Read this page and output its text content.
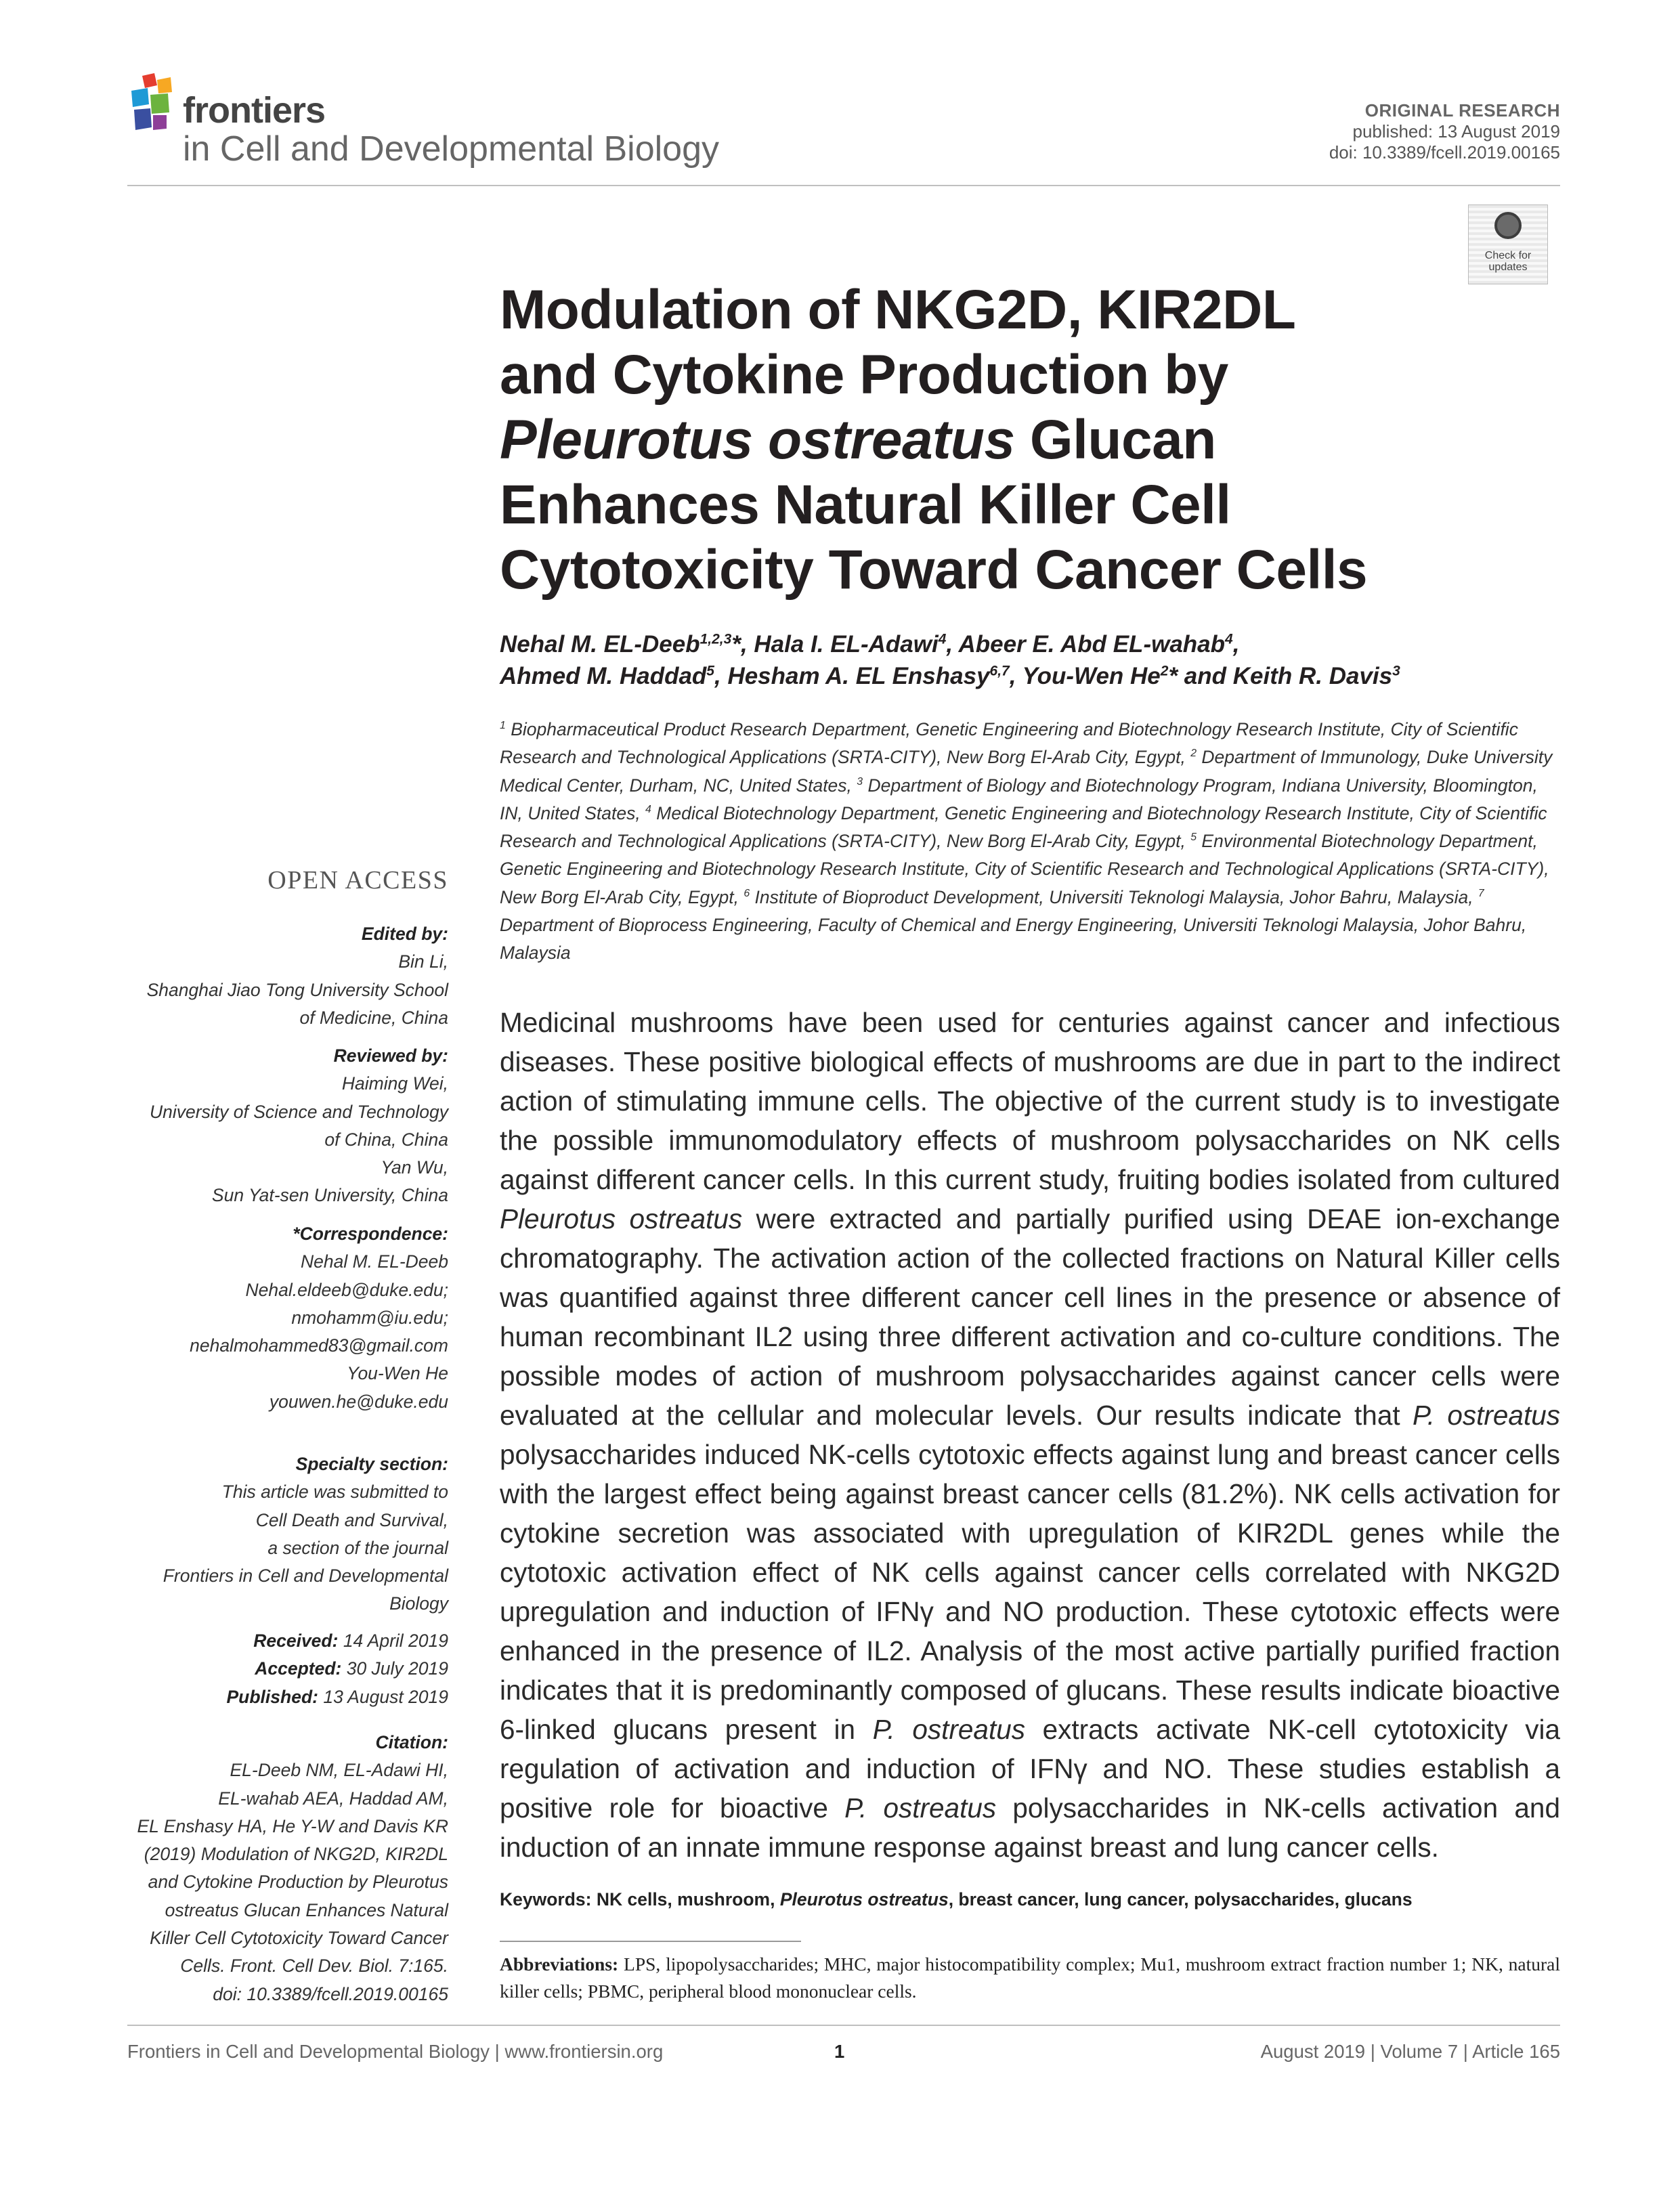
frontiers
in Cell and Developmental Biology
ORIGINAL RESEARCH
published: 13 August 2019
doi: 10.3389/fcell.2019.00165
Check for
updates
Modulation of NKG2D, KIR2DL
and Cytokine Production by
Pleurotus ostreatus Glucan
Enhances Natural Killer Cell
Cytotoxicity Toward Cancer Cells
Nehal M. EL-Deeb$^{1,2,3}$*, Hala I. EL-Adawi$^4$, Abeer E. Abd EL-wahab$^4$,
Ahmed M. Haddad$^5$, Hesham A. EL Enshasy$^{6,7}$, You-Wen He$^2$* and Keith R. Davis$^3$
$^1$ Biopharmaceutical Product Research Department, Genetic Engineering and Biotechnology Research Institute, City of Scientific Research and Technological Applications (SRTA-CITY), New Borg El-Arab City, Egypt, $^2$ Department of Immunology, Duke University Medical Center, Durham, NC, United States, $^3$ Department of Biology and Biotechnology Program, Indiana University, Bloomington, IN, United States, $^4$ Medical Biotechnology Department, Genetic Engineering and Biotechnology Research Institute, City of Scientific Research and Technological Applications (SRTA-CITY), New Borg El-Arab City, Egypt, $^5$ Environmental Biotechnology Department, Genetic Engineering and Biotechnology Research Institute, City of Scientific Research and Technological Applications (SRTA-CITY), New Borg El-Arab City, Egypt, $^6$ Institute of Bioproduct Development, Universiti Teknologi Malaysia, Johor Bahru, Malaysia, $^7$ Department of Bioprocess Engineering, Faculty of Chemical and Energy Engineering, Universiti Teknologi Malaysia, Johor Bahru, Malaysia
OPEN ACCESS
Edited by:
Bin Li,
Shanghai Jiao Tong University School
of Medicine, China
Reviewed by:
Haiming Wei,
University of Science and Technology
of China, China
Yan Wu,
Sun Yat-sen University, China
*Correspondence:
Nehal M. EL-Deeb
Nehal.eldeeb@duke.edu;
nmohamm@iu.edu;
nehalmohammed83@gmail.com
You-Wen He
youwen.he@duke.edu
Specialty section:
This article was submitted to
Cell Death and Survival,
a section of the journal
Frontiers in Cell and Developmental
Biology
Received: 14 April 2019
Accepted: 30 July 2019
Published: 13 August 2019
Citation:
EL-Deeb NM, EL-Adawi HI,
EL-wahab AEA, Haddad AM,
EL Enshasy HA, He Y-W and Davis KR
(2019) Modulation of NKG2D, KIR2DL
and Cytokine Production by Pleurotus
ostreatus Glucan Enhances Natural
Killer Cell Cytotoxicity Toward Cancer
Cells. Front. Cell Dev. Biol. 7:165.
doi: 10.3389/fcell.2019.00165
Medicinal mushrooms have been used for centuries against cancer and infectious diseases. These positive biological effects of mushrooms are due in part to the indirect action of stimulating immune cells. The objective of the current study is to investigate the possible immunomodulatory effects of mushroom polysaccharides on NK cells against different cancer cells. In this current study, fruiting bodies isolated from cultured Pleurotus ostreatus were extracted and partially purified using DEAE ion-exchange chromatography. The activation action of the collected fractions on Natural Killer cells was quantified against three different cancer cell lines in the presence or absence of human recombinant IL2 using three different activation and co-culture conditions. The possible modes of action of mushroom polysaccharides against cancer cells were evaluated at the cellular and molecular levels. Our results indicate that P. ostreatus polysaccharides induced NK-cells cytotoxic effects against lung and breast cancer cells with the largest effect being against breast cancer cells (81.2%). NK cells activation for cytokine secretion was associated with upregulation of KIR2DL genes while the cytotoxic activation effect of NK cells against cancer cells correlated with NKG2D upregulation and induction of IFNγ and NO production. These cytotoxic effects were enhanced in the presence of IL2. Analysis of the most active partially purified fraction indicates that it is predominantly composed of glucans. These results indicate bioactive 6-linked glucans present in P. ostreatus extracts activate NK-cell cytotoxicity via regulation of activation and induction of IFNγ and NO. These studies establish a positive role for bioactive P. ostreatus polysaccharides in NK-cells activation and induction of an innate immune response against breast and lung cancer cells.
Keywords: NK cells, mushroom, Pleurotus ostreatus, breast cancer, lung cancer, polysaccharides, glucans
Abbreviations: LPS, lipopolysaccharides; MHC, major histocompatibility complex; Mu1, mushroom extract fraction number 1; NK, natural killer cells; PBMC, peripheral blood mononuclear cells.
Frontiers in Cell and Developmental Biology | www.frontiersin.org	1	August 2019 | Volume 7 | Article 165
